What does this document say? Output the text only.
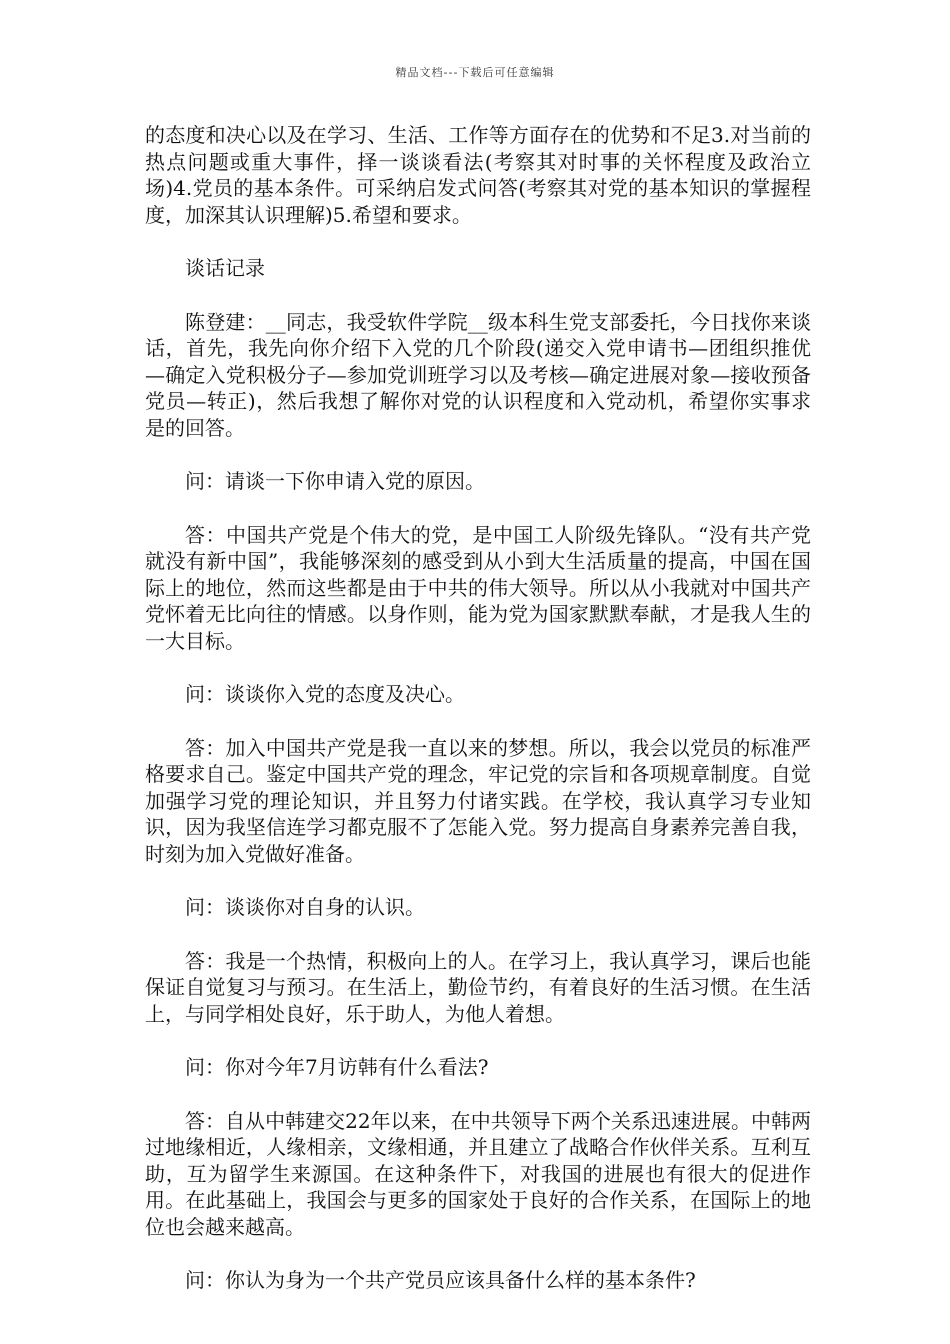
精品文档---下载后可任意编辑

的态度和决心以及在学习、生活、工作等方面存在的优势和不足3.对当前的热点问题或重大事件，择一谈谈看法(考察其对时事的关怀程度及政治立场)4.党员的基本条件。可采纳启发式问答(考察其对党的基本知识的掌握程度，加深其认识理解)5.希望和要求。

谈话记录

陈登建：__同志，我受软件学院__级本科生党支部委托，今日找你来谈话，首先，我先向你介绍下入党的几个阶段(递交入党申请书—团组织推优—确定入党积极分子—参加党训班学习以及考核—确定进展对象—接收预备党员—转正)，然后我想了解你对党的认识程度和入党动机，希望你实事求是的回答。

问：请谈一下你申请入党的原因。

答：中国共产党是个伟大的党，是中国工人阶级先锋队。“没有共产党就没有新中国”，我能够深刻的感受到从小到大生活质量的提高，中国在国际上的地位，然而这些都是由于中共的伟大领导。所以从小我就对中国共产党怀着无比向往的情感。以身作则，能为党为国家默默奉献，才是我人生的一大目标。

问：谈谈你入党的态度及决心。

答：加入中国共产党是我一直以来的梦想。所以，我会以党员的标准严格要求自己。鉴定中国共产党的理念，牢记党的宗旨和各项规章制度。自觉加强学习党的理论知识，并且努力付诸实践。在学校，我认真学习专业知识，因为我坚信连学习都克服不了怎能入党。努力提高自身素养完善自我，时刻为加入党做好准备。

问：谈谈你对自身的认识。

答：我是一个热情，积极向上的人。在学习上，我认真学习，课后也能保证自觉复习与预习。在生活上，勤俭节约，有着良好的生活习惯。在生活上，与同学相处良好，乐于助人，为他人着想。

问：你对今年7月访韩有什么看法?

答：自从中韩建交22年以来，在中共领导下两个关系迅速进展。中韩两过地缘相近，人缘相亲，文缘相通，并且建立了战略合作伙伴关系。互利互助，互为留学生来源国。在这种条件下，对我国的进展也有很大的促进作用。在此基础上，我国会与更多的国家处于良好的合作关系，在国际上的地位也会越来越高。

问：你认为身为一个共产党员应该具备什么样的基本条件?
